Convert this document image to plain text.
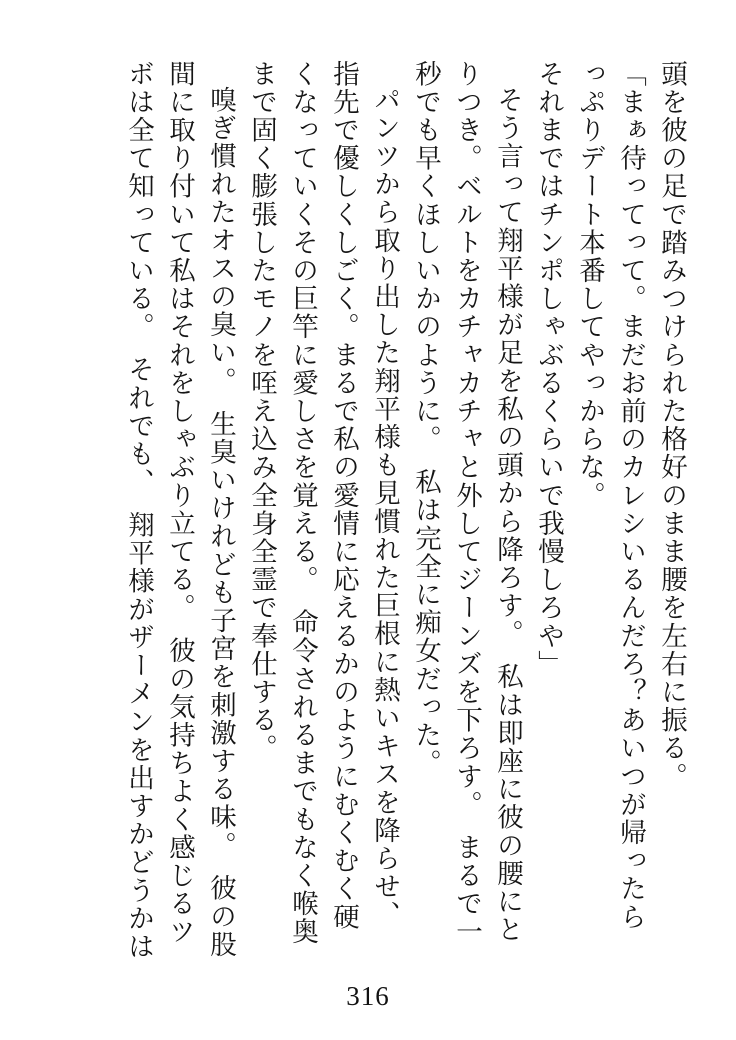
頭を彼の足で踏みつけられた格好のまま腰を左右に振る。
「まぁ待ってって。まだお前のカレシいるんだろ？あいつが帰ったら
っぷりデート本番してやっからな。
それまではチンポしゃぶるくらいで我慢しろや」
そう言って翔平様が足を私の頭から降ろす。　私は即座に彼の腰にと
りつき。ベルトをカチャカチャと外してジーンズを下ろす。　まるで一
秒でも早くほしいかのように。　私は完全に痴女だった。
パンツから取り出した翔平様も見慣れた巨根に熱いキスを降らせ、
指先で優しくしごく。まるで私の愛情に応えるかのようにむくむく硬
くなっていくその巨竿に愛しさを覚える。　命令されるまでもなく喉奥
まで固く膨張したモノを咥え込み全身全霊で奉仕する。
嗅ぎ慣れたオスの臭い。　生臭いけれども子宮を刺激する味。　彼の股
間に取り付いて私はそれをしゃぶり立てる。　彼の気持ちよく感じるツ
ボは全て知っている。　それでも、　翔平様がザーメンを出すかどうかは
316
